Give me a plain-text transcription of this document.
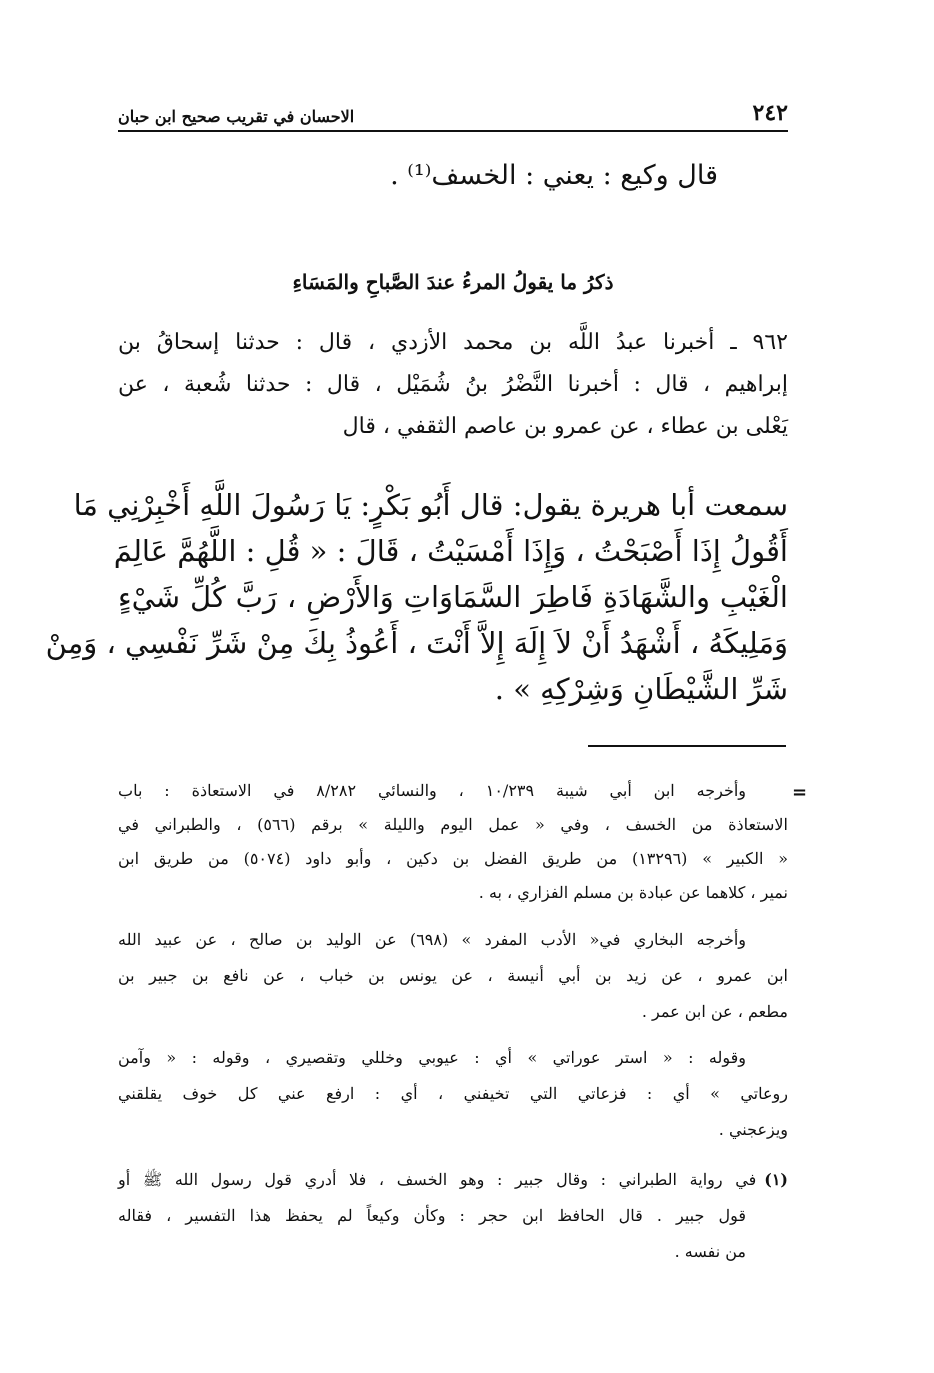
٢٤٢
الاحسان في تقريب صحيح ابن حبان
قال وكيع : يعني : الخسف⁽¹⁾ .
ذكرُ ما يقولُ المرءُ عندَ الصَّباحِ والمَسَاءِ
٩٦٢ ـ أخبرنا عبدُ اللَّه بن محمد الأزدي ، قال : حدثنا إسحاقُ بن
إبراهيم ، قال : أخبرنا النَّضْرُ بنُ شُمَيْل ، قال : حدثنا شُعبة ، عن
يَعْلى بن عطاء ، عن عمرو بن عاصم الثقفي ، قال
سمعت أبا هريرة يقول: قال أَبُو بَكْرٍ: يَا رَسُولَ اللَّهِ أَخْبِرْنِي مَا
أَقُولُ إِذَا أَصْبَحْتُ ، وَإِذَا أَمْسَيْتُ ، قَالَ : « قُلِ : اللَّهُمَّ عَالِمَ
الْغَيْبِ والشَّهَادَةِ فَاطِرَ السَّمَاوَاتِ وَالأَرْضِ ، رَبَّ كُلِّ شَيْءٍ
وَمَلِيكَهُ ، أَشْهَدُ أَنْ لاَ إِلَهَ إِلاَّ أَنْتَ ، أَعُوذُ بِكَ مِنْ شَرِّ نَفْسِي ، وَمِنْ
شَرِّ الشَّيْطَانِ وَشِرْكِهِ » .
=
وأخرجه ابن أبي شيبة ١٠/٢٣٩ ، والنسائي ٨/٢٨٢ في الاستعاذة : باب
الاستعاذة من الخسف ، وفي « عمل اليوم والليلة » برقم (٥٦٦) ، والطبراني في
« الكبير » (١٣٢٩٦) من طريق الفضل بن دكين ، وأبو داود (٥٠٧٤) من طريق ابن
نمير ، كلاهما عن عبادة بن مسلم الفزاري ، به .
وأخرجه البخاري في« الأدب المفرد » (٦٩٨) عن الوليد بن صالح ، عن عبيد الله
ابن عمرو ، عن زيد بن أبي أنيسة ، عن يونس بن خباب ، عن نافع بن جبير بن
مطعم ، عن ابن عمر .
وقوله : « استر عوراتي » أي : عيوبي وخللي وتقصيري ، وقوله : « وآمن
روعاتي » أي : فزعاتي التي تخيفني ، أي : ارفع عني كل خوف يقلقني
ويزعجني .
(١)
في رواية الطبراني : وقال جبير : وهو الخسف ، فلا أدري قول رسول الله ﷺ أو
قول جبير . قال الحافظ ابن حجر : وكأن وكيعاً لم يحفظ هذا التفسير ، فقاله
من نفسه .
